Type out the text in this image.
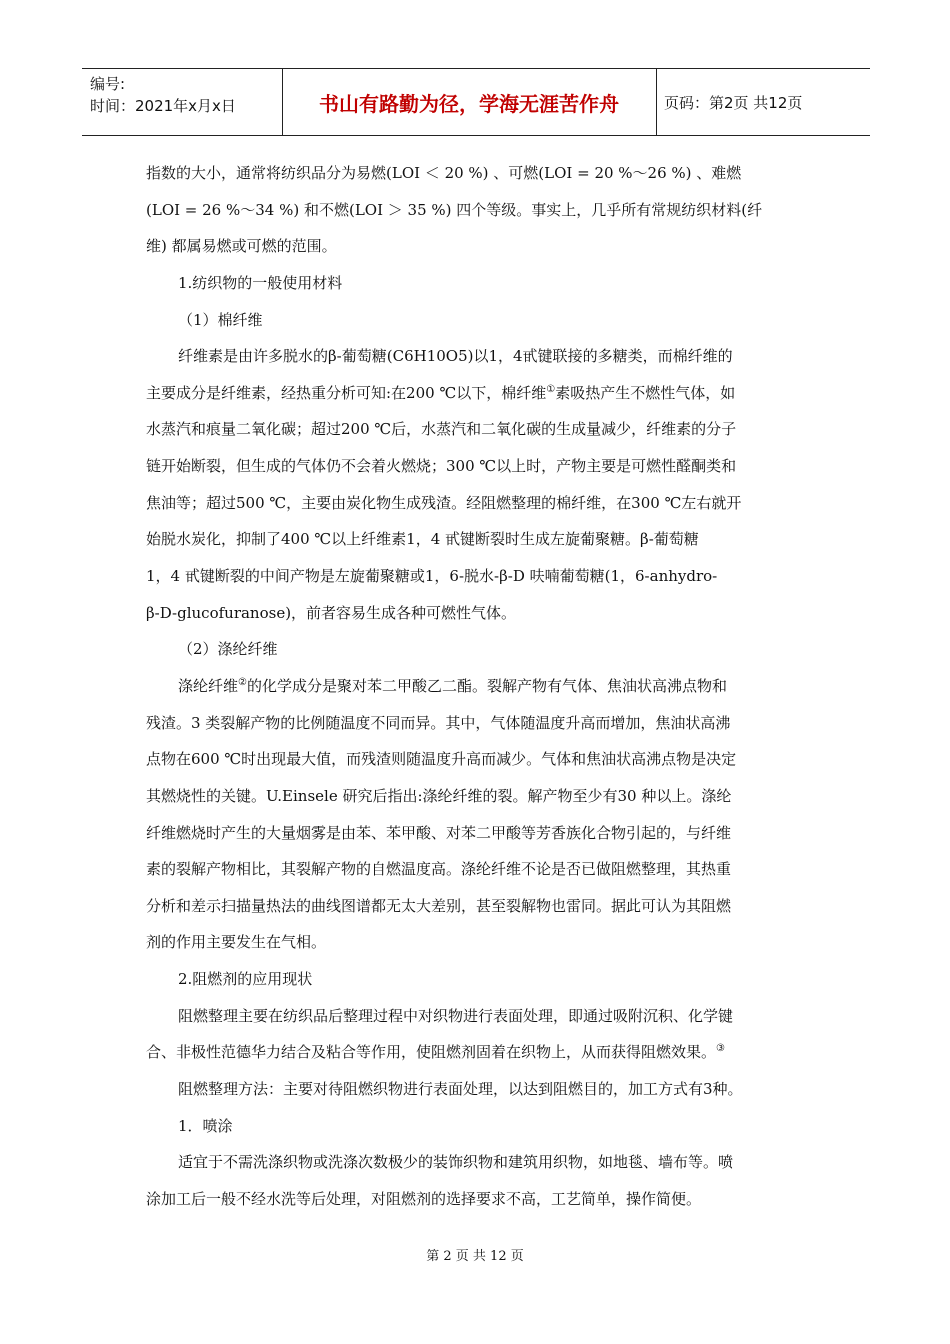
编号:
时间：2021年x月x日	书山有路勤为径，学海无涯苦作舟	页码：第2页 共12页
指数的大小，通常将纺织品分为易燃(LOI ＜ 20 %) 、可燃(LOI = 20 %～26 %) 、难燃
(LOI = 26 %～34 %) 和不燃(LOI ＞ 35 %) 四个等级。事实上，几乎所有常规纺织材料(纤
维) 都属易燃或可燃的范围。
1.纺织物的一般使用材料
（1）棉纤维
纤维素是由许多脱水的β-葡萄糖(C6H10O5)以1，4甙键联接的多糖类，而棉纤维的
主要成分是纤维素，经热重分析可知:在200 ℃以下，棉纤维①素吸热产生不燃性气体，如
水蒸汽和痕量二氧化碳；超过200 ℃后，水蒸汽和二氧化碳的生成量减少，纤维素的分子
链开始断裂，但生成的气体仍不会着火燃烧；300 ℃以上时，产物主要是可燃性醛酮类和
焦油等；超过500 ℃，主要由炭化物生成残渣。经阻燃整理的棉纤维，在300 ℃左右就开
始脱水炭化，抑制了400 ℃以上纤维素1，4 甙键断裂时生成左旋葡聚糖。β-葡萄糖
1，4 甙键断裂的中间产物是左旋葡聚糖或1，6-脱水-β-D 呋喃葡萄糖(1，6-anhydro-
β-D-glucofuranose)，前者容易生成各种可燃性气体。
（2）涤纶纤维
涤纶纤维②的化学成分是聚对苯二甲酸乙二酯。裂解产物有气体、焦油状高沸点物和
残渣。3 类裂解产物的比例随温度不同而异。其中，气体随温度升高而增加，焦油状高沸
点物在600 ℃时出现最大值，而残渣则随温度升高而减少。气体和焦油状高沸点物是决定
其燃烧性的关键。U.Einsele 研究后指出:涤纶纤维的裂。解产物至少有30 种以上。涤纶
纤维燃烧时产生的大量烟雾是由苯、苯甲酸、对苯二甲酸等芳香族化合物引起的，与纤维
素的裂解产物相比，其裂解产物的自燃温度高。涤纶纤维不论是否已做阻燃整理，其热重
分析和差示扫描量热法的曲线图谱都无太大差别，甚至裂解物也雷同。据此可认为其阻燃
剂的作用主要发生在气相。
2.阻燃剂的应用现状
阻燃整理主要在纺织品后整理过程中对织物进行表面处理，即通过吸附沉积、化学键
合、非极性范德华力结合及粘合等作用，使阻燃剂固着在织物上，从而获得阻燃效果。③
阻燃整理方法：主要对待阻燃织物进行表面处理，以达到阻燃目的，加工方式有3种。
1．喷涂
适宜于不需洗涤织物或洗涤次数极少的装饰织物和建筑用织物，如地毯、墙布等。喷
涂加工后一般不经水洗等后处理，对阻燃剂的选择要求不高，工艺简单，操作简便。
第 2 页 共 12 页
